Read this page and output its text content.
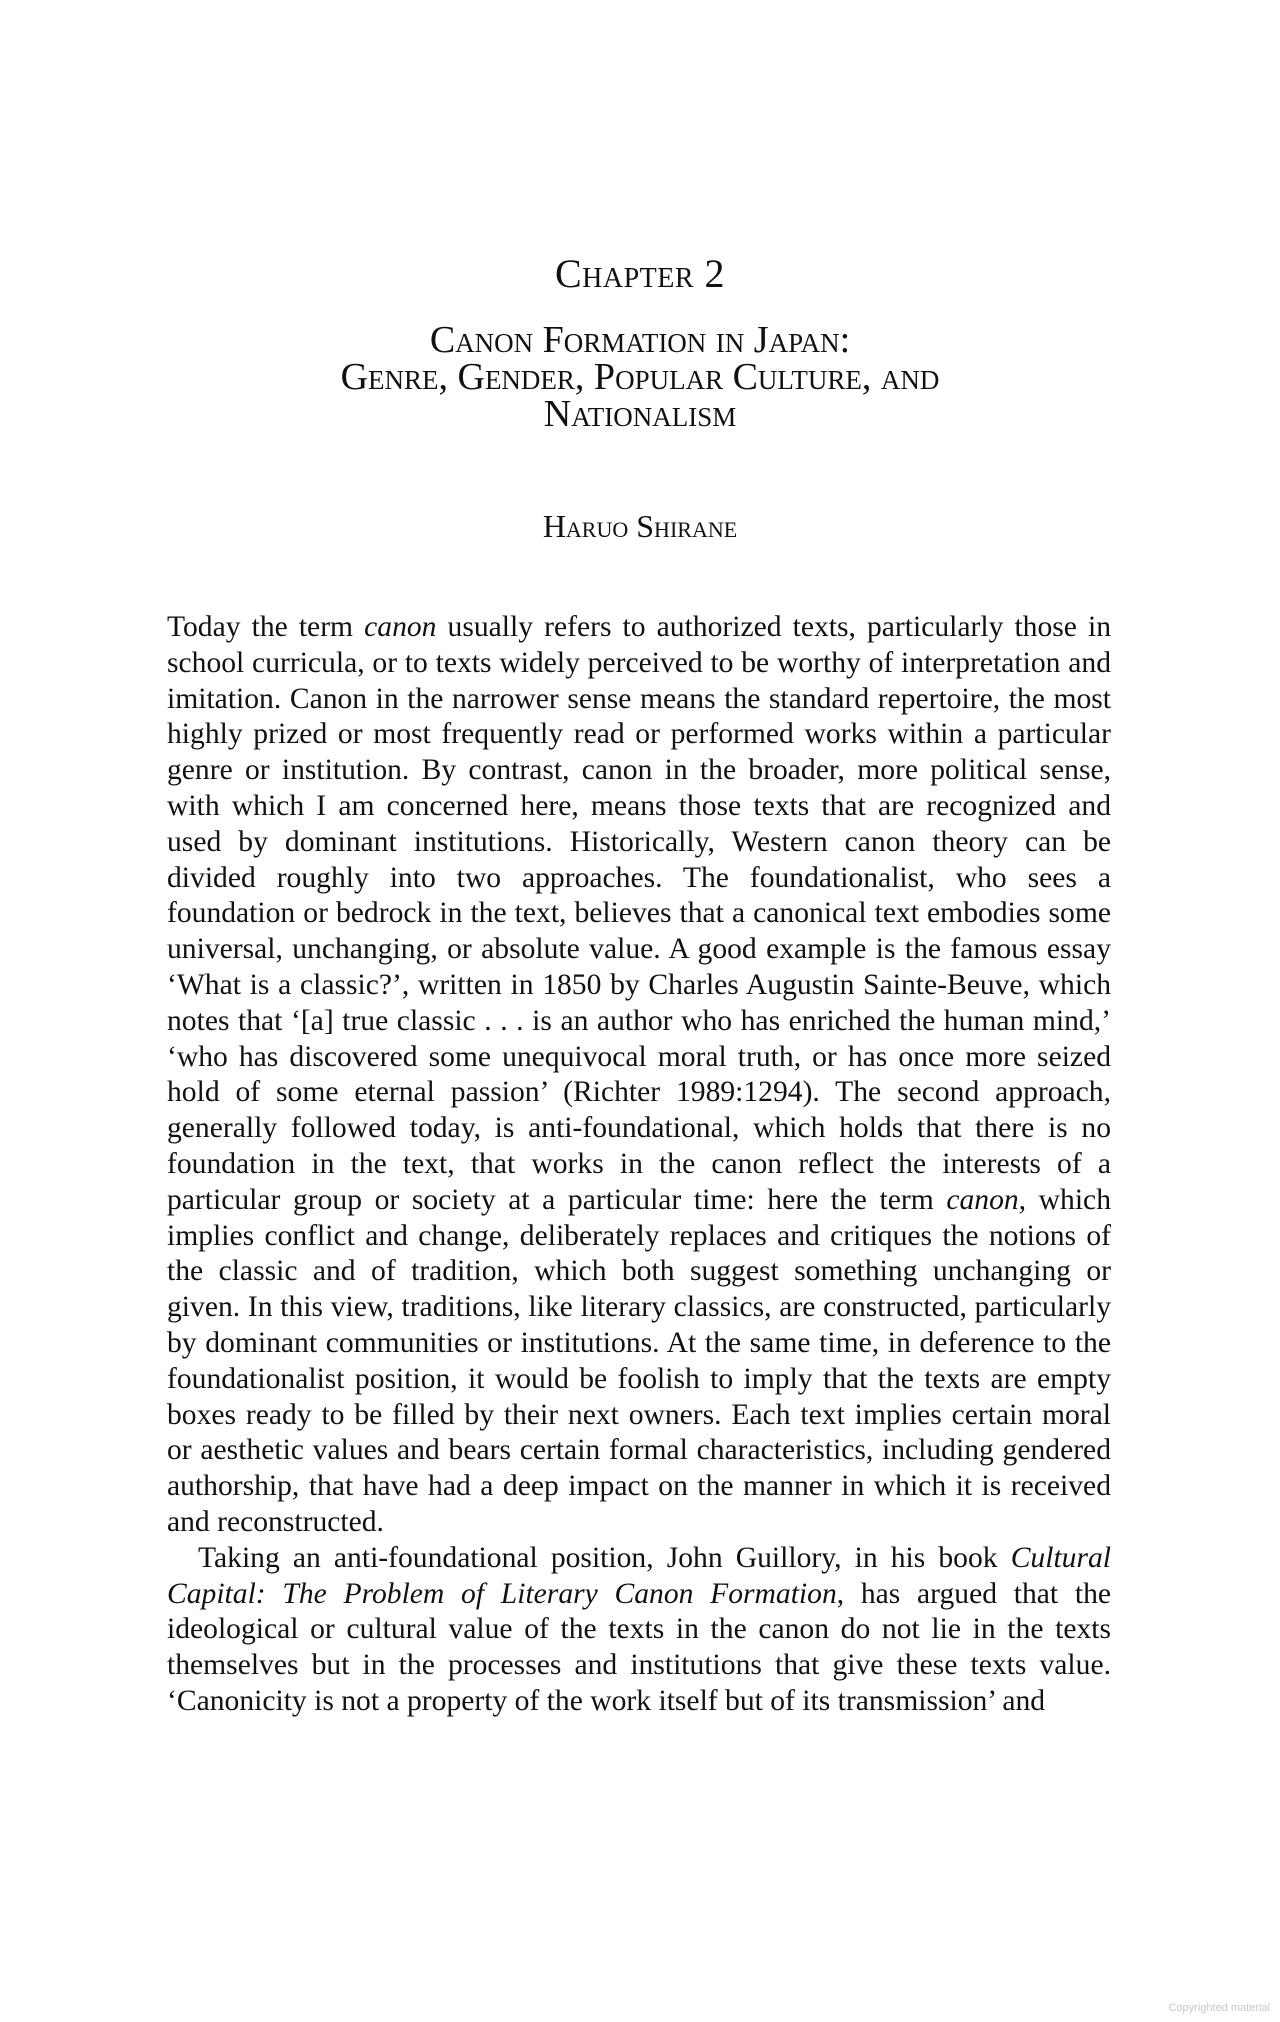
Chapter 2
Canon Formation in Japan:
Genre, Gender, Popular Culture, and
Nationalism
Haruo Shirane

Today the term canon usually refers to authorized texts, particularly those in school curricula, or to texts widely perceived to be worthy of interpretation and imitation. Canon in the narrower sense means the standard repertoire, the most highly prized or most frequently read or performed works within a particular genre or institution. By contrast, canon in the broader, more political sense, with which I am concerned here, means those texts that are recognized and used by dominant institutions. Historically, Western canon theory can be divided roughly into two approaches. The foundationalist, who sees a foundation or bedrock in the text, believes that a canonical text embodies some universal, unchanging, or absolute value. A good example is the famous essay ‘What is a classic?’, written in 1850 by Charles Augustin Sainte-Beuve, which notes that ‘[a] true classic . . . is an author who has enriched the human mind,’ ‘who has discovered some unequivocal moral truth, or has once more seized hold of some eternal passion’ (Richter 1989:1294). The second approach, generally followed today, is anti-foundational, which holds that there is no foundation in the text, that works in the canon reflect the interests of a particular group or society at a particular time: here the term canon, which implies conflict and change, deliberately replaces and critiques the notions of the classic and of tradition, which both suggest something unchanging or given. In this view, traditions, like literary classics, are constructed, particularly by dominant communities or institutions. At the same time, in deference to the foundationalist position, it would be foolish to imply that the texts are empty boxes ready to be filled by their next owners. Each text implies certain moral or aesthetic values and bears certain formal characteristics, including gendered authorship, that have had a deep impact on the manner in which it is received and reconstructed.

Taking an anti-foundational position, John Guillory, in his book Cultural Capital: The Problem of Literary Canon Formation, has argued that the ideological or cultural value of the texts in the canon do not lie in the texts themselves but in the processes and institutions that give these texts value. ‘Canonicity is not a property of the work itself but of its transmission’ and

Copyrighted material
